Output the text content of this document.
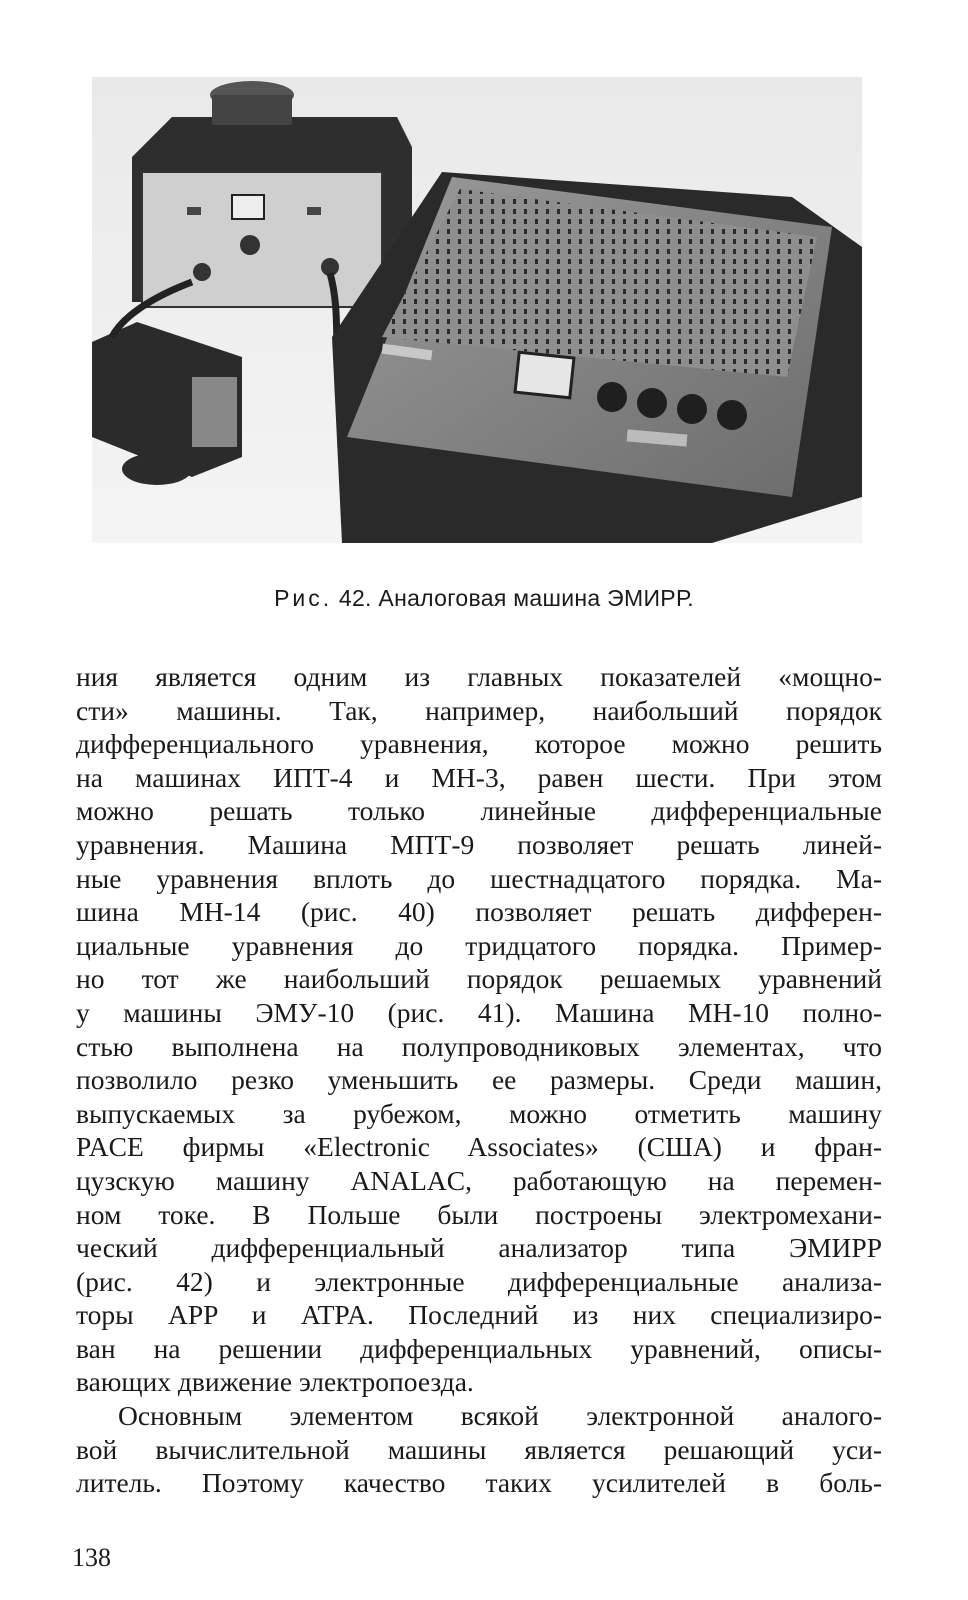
Рис. 42. Аналоговая машина ЭМИРР.
ния является одним из главных показателей «мощно-
сти» машины. Так, например, наибольший порядок
дифференциального уравнения, которое можно решить
на машинах ИПТ-4 и МН-3, равен шести. При этом
можно решать только линейные дифференциальные
уравнения. Машина МПТ-9 позволяет решать линей-
ные уравнения вплоть до шестнадцатого порядка. Ма-
шина МН-14 (рис. 40) позволяет решать дифферен-
циальные уравнения до тридцатого порядка. Пример-
но тот же наибольший порядок решаемых уравнений
у машины ЭМУ-10 (рис. 41). Машина МН-10 полно-
стью выполнена на полупроводниковых элементах, что
позволило резко уменьшить ее размеры. Среди машин,
выпускаемых за рубежом, можно отметить машину
PACE фирмы «Electronic Associates» (США) и фран-
цузскую машину ANALAC, работающую на перемен-
ном токе. В Польше были построены электромехани-
ческий дифференциальный анализатор типа ЭМИРР
(рис. 42) и электронные дифференциальные анализа-
торы APP и ATPA. Последний из них специализиро-
ван на решении дифференциальных уравнений, описы-
вающих движение электропоезда.
Основным элементом всякой электронной аналого-
вой вычислительной машины является решающий уси-
литель. Поэтому качество таких усилителей в боль-
138
